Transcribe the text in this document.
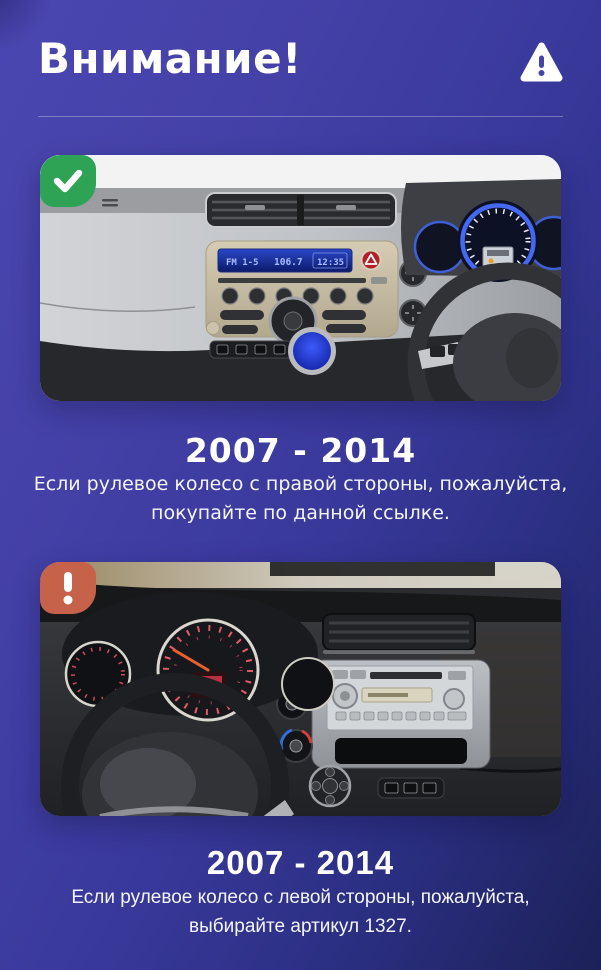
Внимание!
FM 1-5 106.7 12:35

2007 - 2014

Если рулевое колесо с правой стороны, пожалуйста,
покупайте по данной ссылке.

2007 - 2014

Если рулевое колесо с левой стороны, пожалуйста,
выбирайте артикул 1327.
